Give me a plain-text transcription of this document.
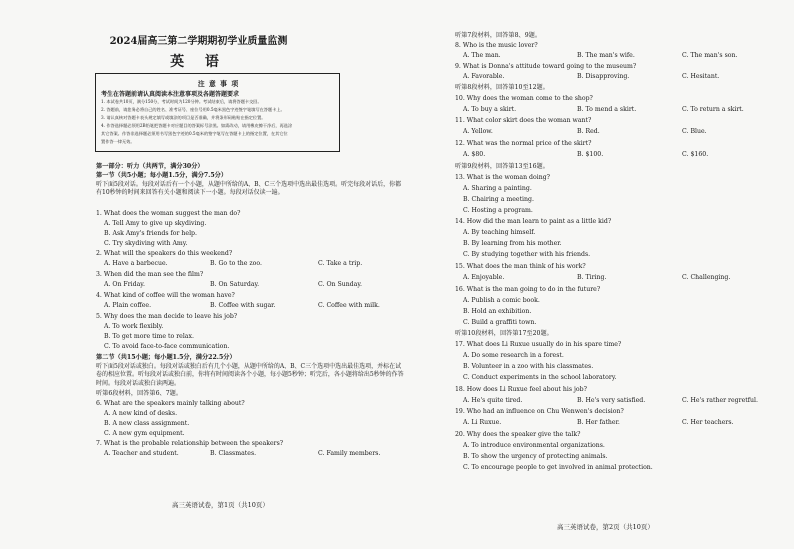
2024届高三第二学期期初学业质量监测
英 语
注 意 事 项
考生在答题前请认真阅读本注意事项及各题答题要求
1. 本试卷共10页，满分150分，考试时间为120分钟。考试结束后，请将答题卡交回。
2. 答题前，请您务必将自己的姓名、准考证号、座位号用0.5毫米黑色字迹签字笔填写在答题卡上。
3. 请认真核对答题卡表头规定填写或填涂的项目是否准确，并将条形码粘贴在指定位置。
4. 作答选择题必须用2B铅笔把答题卡对应题目的答案标号涂黑。如需改动，请用橡皮擦干净后，再选涂
其它答案。作答非选择题必须用书写黑色字迹的0.5毫米的签字笔写在答题卡上的指定位置，在其它位
置作答一律无效。
第一部分：听力（共两节，满分30分）
第一节（共5小题；每小题1.5分，满分7.5分）
听下面5段对话。每段对话后有一个小题，从题中所给的A、B、C三个选项中选出最佳选项。听完每段对话后，你都有10秒钟的时间来回答有关小题和阅读下一小题。每段对话仅读一遍。
1. What does the woman suggest the man do?
A. Tell Amy to give up skydiving.
B. Ask Amy's friends for help.
C. Try skydiving with Amy.
2. What will the speakers do this weekend?
A. Have a barbecue.	B. Go to the zoo.	C. Take a trip.
3. When did the man see the film?
A. On Friday.	B. On Saturday.	C. On Sunday.
4. What kind of coffee will the woman have?
A. Plain coffee.	B. Coffee with sugar.	C. Coffee with milk.
5. Why does the man decide to leave his job?
A. To work flexibly.
B. To get more time to relax.
C. To avoid face-to-face communication.
第二节（共15小题；每小题1.5分，满分22.5分）
听下面5段对话或独白。每段对话或独白后有几个小题，从题中所给的A、B、C三个选项中选出最佳选项，并标在试卷的相应位置。听每段对话或独白前，你将有时间阅读各个小题，每小题5秒钟；听完后，各小题将给出5秒钟的作答时间。每段对话或独白读两遍。
听第6段材料，回答第6、7题。
6. What are the speakers mainly talking about?
A. A new kind of desks.
B. A new class assignment.
C. A new gym equipment.
7. What is the probable relationship between the speakers?
A. Teacher and student.	B. Classmates.	C. Family members.
高三英语试卷，第1页（共10页）
听第7段材料，回答第8、9题。
8. Who is the music lover?
A. The man.	B. The man's wife.	C. The man's son.
9. What is Donna's attitude toward going to the museum?
A. Favorable.	B. Disapproving.	C. Hesitant.
听第8段材料，回答第10至12题。
10. Why does the woman come to the shop?
A. To buy a skirt.	B. To mend a skirt.	C. To return a skirt.
11. What color skirt does the woman want?
A. Yellow.	B. Red.	C. Blue.
12. What was the normal price of the skirt?
A. $80.	B. $100.	C. $160.
听第9段材料，回答第13至16题。
13. What is the woman doing?
A. Sharing a painting.
B. Chairing a meeting.
C. Hosting a program.
14. How did the man learn to paint as a little kid?
A. By teaching himself.
B. By learning from his mother.
C. By studying together with his friends.
15. What does the man think of his work?
A. Enjoyable.	B. Tiring.	C. Challenging.
16. What is the man going to do in the future?
A. Publish a comic book.
B. Hold an exhibition.
C. Build a graffiti town.
听第10段材料，回答第17至20题。
17. What does Li Ruxue usually do in his spare time?
A. Do some research in a forest.
B. Volunteer in a zoo with his classmates.
C. Conduct experiments in the school laboratory.
18. How does Li Ruxue feel about his job?
A. He's quite tired.	B. He's very satisfied.	C. He's rather regretful.
19. Who had an influence on Chu Wenwen's decision?
A. Li Ruxue.	B. Her father.	C. Her teachers.
20. Why does the speaker give the talk?
A. To introduce environmental organizations.
B. To show the urgency of protecting animals.
C. To encourage people to get involved in animal protection.
高三英语试卷，第2页（共10页）
